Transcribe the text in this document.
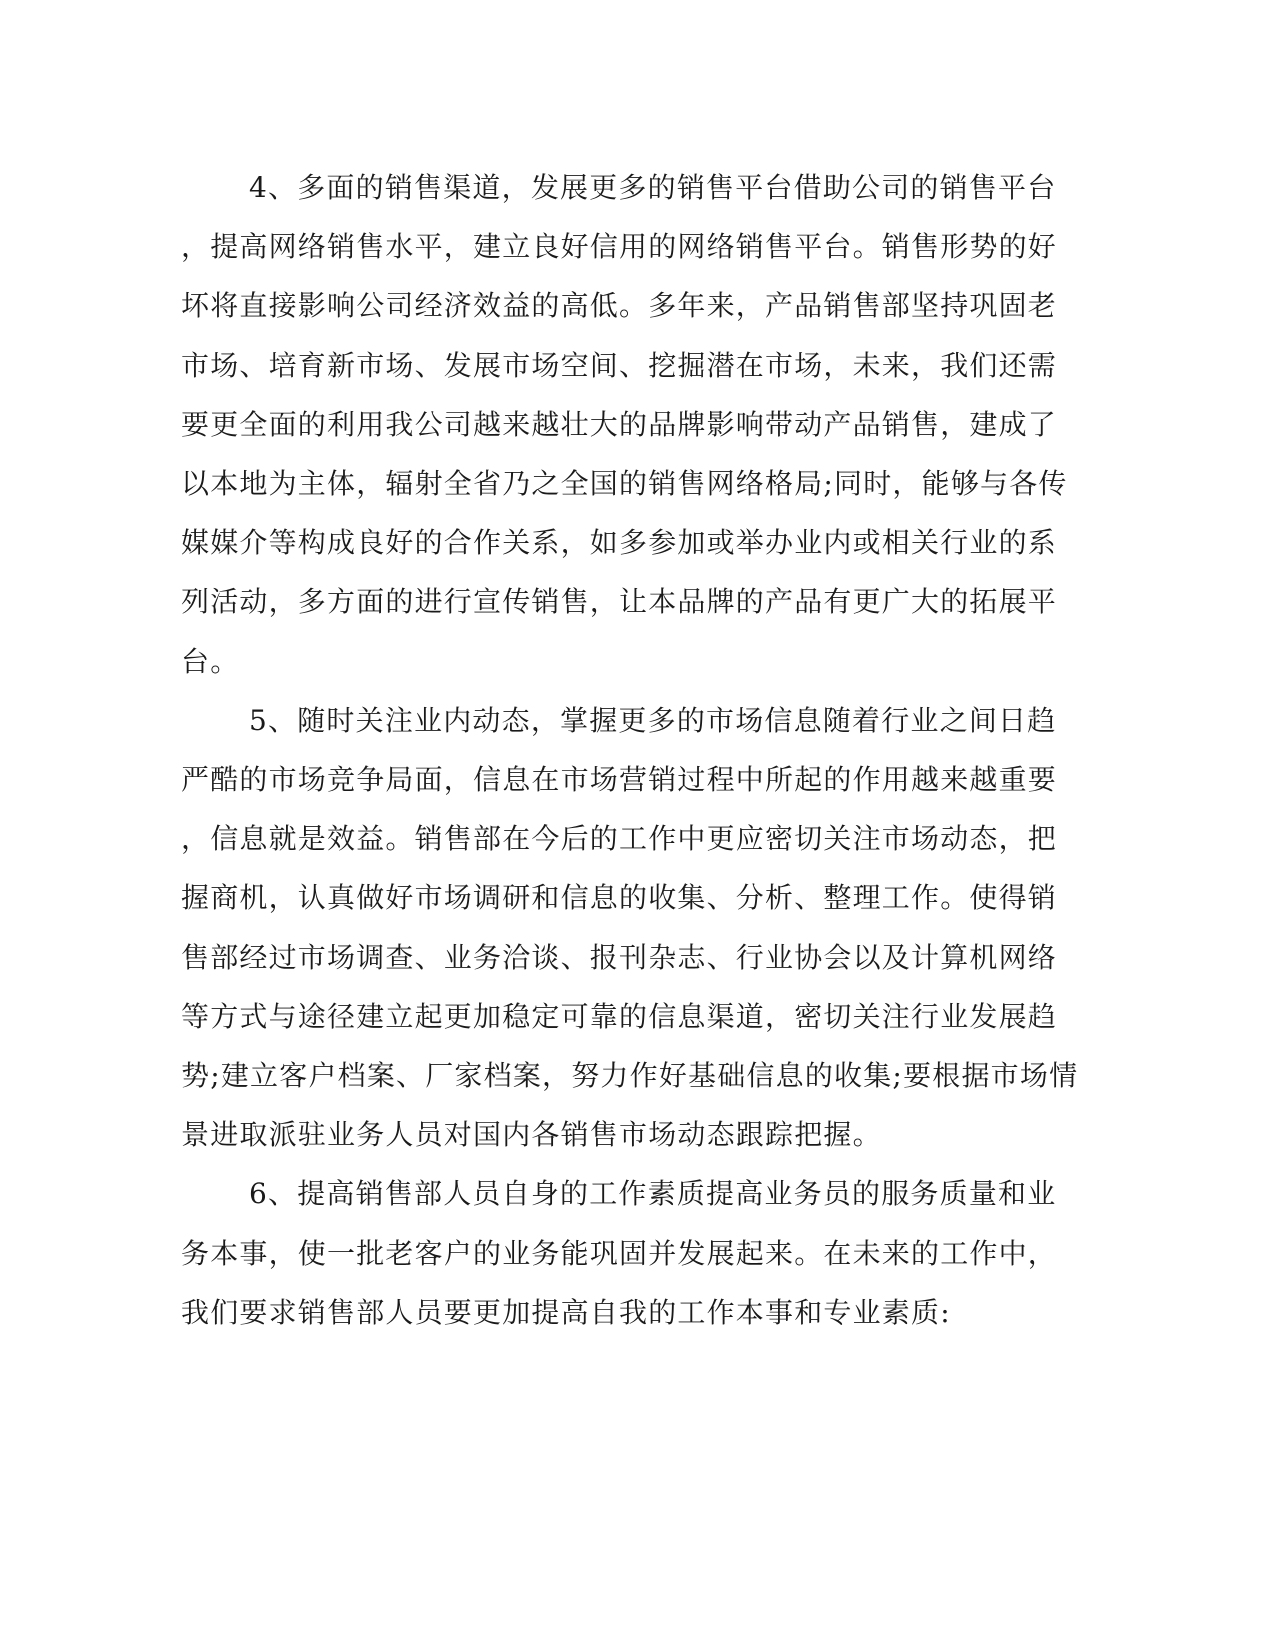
4、多面的销售渠道，发展更多的销售平台借助公司的销售平台
，提高网络销售水平，建立良好信用的网络销售平台。销售形势的好
坏将直接影响公司经济效益的高低。多年来，产品销售部坚持巩固老
市场、培育新市场、发展市场空间、挖掘潜在市场，未来，我们还需
要更全面的利用我公司越来越壮大的品牌影响带动产品销售，建成了
以本地为主体，辐射全省乃之全国的销售网络格局;同时，能够与各传
媒媒介等构成良好的合作关系，如多参加或举办业内或相关行业的系
列活动，多方面的进行宣传销售，让本品牌的产品有更广大的拓展平
台。
5、随时关注业内动态，掌握更多的市场信息随着行业之间日趋
严酷的市场竞争局面，信息在市场营销过程中所起的作用越来越重要
，信息就是效益。销售部在今后的工作中更应密切关注市场动态，把
握商机，认真做好市场调研和信息的收集、分析、整理工作。使得销
售部经过市场调查、业务洽谈、报刊杂志、行业协会以及计算机网络
等方式与途径建立起更加稳定可靠的信息渠道，密切关注行业发展趋
势;建立客户档案、厂家档案，努力作好基础信息的收集;要根据市场情
景进取派驻业务人员对国内各销售市场动态跟踪把握。
6、提高销售部人员自身的工作素质提高业务员的服务质量和业
务本事，使一批老客户的业务能巩固并发展起来。在未来的工作中，
我们要求销售部人员要更加提高自我的工作本事和专业素质:
